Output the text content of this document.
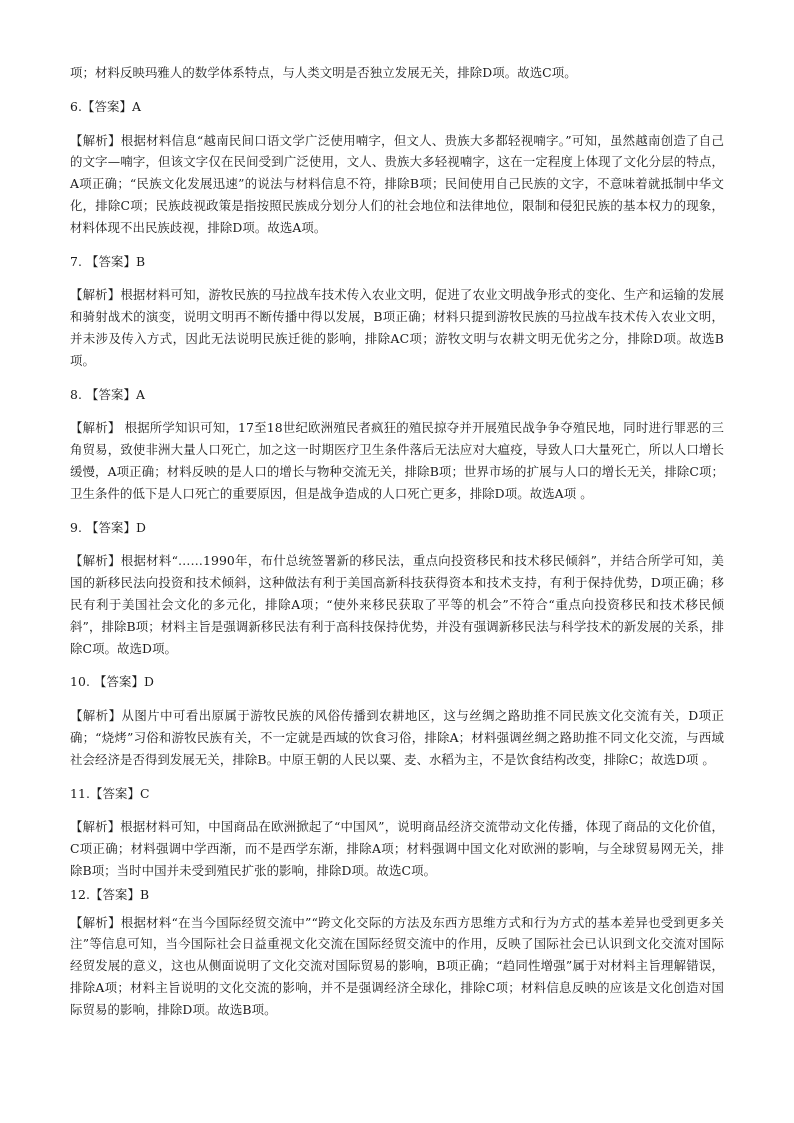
项；材料反映玛雅人的数学体系特点，与人类文明是否独立发展无关，排除D项。故选C项。

6.【答案】A

【解析】根据材料信息“越南民间口语文学广泛使用喃字，但文人、贵族大多都轻视喃字。”可知，虽然越南创造了自己的文字—喃字，但该文字仅在民间受到广泛使用，文人、贵族大多轻视喃字，这在一定程度上体现了文化分层的特点，A项正确；“民族文化发展迅速”的说法与材料信息不符，排除B项；民间使用自己民族的文字，不意味着就抵制中华文化，排除C项；民族歧视政策是指按照民族成分划分人们的社会地位和法律地位，限制和侵犯民族的基本权力的现象，材料体现不出民族歧视，排除D项。故选A项。

7. 【答案】B

【解析】根据材料可知，游牧民族的马拉战车技术传入农业文明，促进了农业文明战争形式的变化、生产和运输的发展和骑射战术的演变，说明文明再不断传播中得以发展，B项正确；材料只提到游牧民族的马拉战车技术传入农业文明，并未涉及传入方式，因此无法说明民族迁徙的影响，排除AC项；游牧文明与农耕文明无优劣之分，排除D项。故选B项。

8. 【答案】A

【解析】 根据所学知识可知，17至18世纪欧洲殖民者疯狂的殖民掠夺并开展殖民战争争夺殖民地，同时进行罪恶的三角贸易，致使非洲大量人口死亡，加之这一时期医疗卫生条件落后无法应对大瘟疫，导致人口大量死亡，所以人口增长缓慢，A项正确；材料反映的是人口的增长与物种交流无关，排除B项；世界市场的扩展与人口的增长无关，排除C项；卫生条件的低下是人口死亡的重要原因，但是战争造成的人口死亡更多，排除D项。故选A项 。

9. 【答案】D

【解析】根据材料“……1990年，布什总统签署新的移民法，重点向投资移民和技术移民倾斜”，并结合所学可知，美国的新移民法向投资和技术倾斜，这种做法有利于美国高新科技获得资本和技术支持，有利于保持优势，D项正确；移民有利于美国社会文化的多元化，排除A项；“使外来移民获取了平等的机会”不符合“重点向投资移民和技术移民倾斜”，排除B项；材料主旨是强调新移民法有利于高科技保持优势，并没有强调新移民法与科学技术的新发展的关系，排除C项。故选D项。

10. 【答案】D

【解析】从图片中可看出原属于游牧民族的风俗传播到农耕地区，这与丝绸之路助推不同民族文化交流有关，D项正确；“烧烤”习俗和游牧民族有关，不一定就是西域的饮食习俗，排除A；材料强调丝绸之路助推不同文化交流，与西域社会经济是否得到发展无关，排除B。中原王朝的人民以粟、麦、水稻为主，不是饮食结构改变，排除C；故选D项 。

11.【答案】C

【解析】根据材料可知，中国商品在欧洲掀起了“中国风”，说明商品经济交流带动文化传播，体现了商品的文化价值，C项正确；材料强调中学西渐，而不是西学东渐，排除A项；材料强调中国文化对欧洲的影响，与全球贸易网无关，排除B项；当时中国并未受到殖民扩张的影响，排除D项。故选C项。

12.【答案】B

【解析】根据材料“在当今国际经贸交流中”“跨文化交际的方法及东西方思维方式和行为方式的基本差异也受到更多关注”等信息可知，当今国际社会日益重视文化交流在国际经贸交流中的作用，反映了国际社会已认识到文化交流对国际经贸发展的意义，这也从侧面说明了文化交流对国际贸易的影响，B项正确；“趋同性增强”属于对材料主旨理解错误，排除A项；材料主旨说明的文化交流的影响，并不是强调经济全球化，排除C项；材料信息反映的应该是文化创造对国际贸易的影响，排除D项。故选B项。
